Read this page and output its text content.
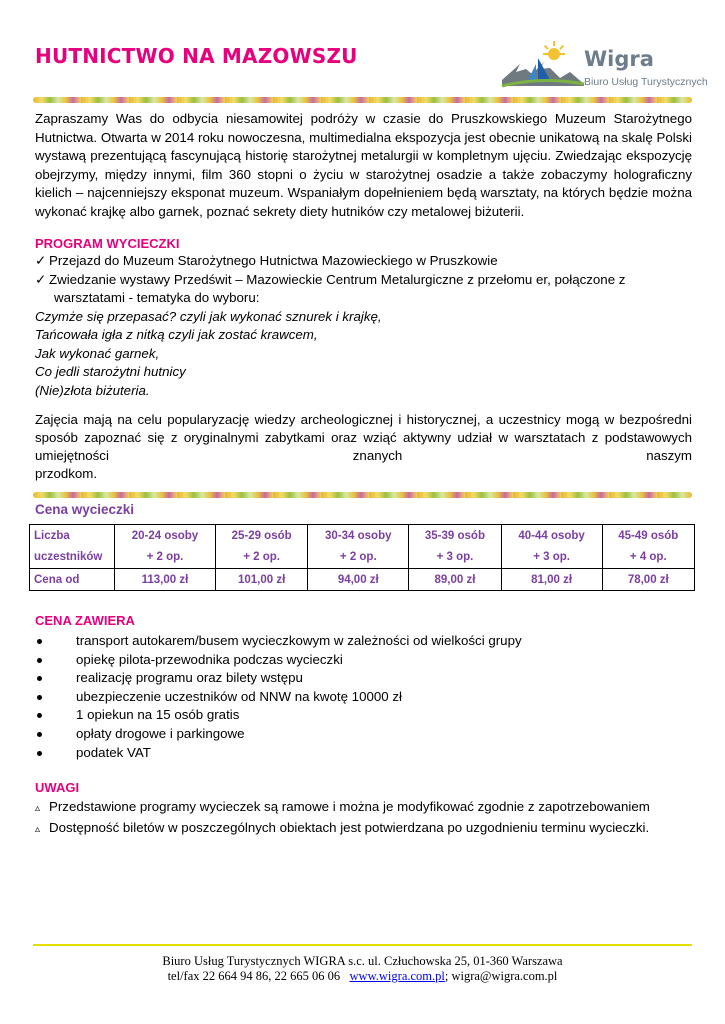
HUTNICTWO NA MAZOWSZU	Wigra
Biuro Usług Turystycznych
Zapraszamy Was do odbycia niesamowitej podróży w czasie do Pruszkowskiego Muzeum Starożytnego Hutnictwa. Otwarta w 2014 roku nowoczesna, multimedialna ekspozycja jest obecnie unikatową na skalę Polski wystawą prezentującą fascynującą historię starożytnej metalurgii w kompletnym ujęciu. Zwiedzając ekspozycję obejrzymy, między innymi, film 360 stopni o życiu w starożytnej osadzie a także zobaczymy holograficzny kielich – najcenniejszy eksponat muzeum. Wspaniałym dopełnieniem będą warsztaty, na których będzie można wykonać krajkę albo garnek, poznać sekrety diety hutników czy metalowej biżuterii.
PROGRAM WYCIECZKI
✓ Przejazd do Muzeum Starożytnego Hutnictwa Mazowieckiego w Pruszkowie
✓ Zwiedzanie wystawy Przedświt – Mazowieckie Centrum Metalurgiczne z przełomu er, połączone z
warsztatami - tematyka do wyboru:
Czymże się przepasać? czyli jak wykonać sznurek i krajkę,
Tańcowała igła z nitką czyli jak zostać krawcem,
Jak wykonać garnek,
Co jedli starożytni hutnicy
(Nie)złota biżuteria.
Zajęcia mają na celu popularyzację wiedzy archeologicznej i historycznej, a uczestnicy mogą w bezpośredni
sposób zapoznać się z oryginalnymi zabytkami oraz wziąć aktywny udział w warsztatach z podstawowych
umiejętności	znanych	naszym
przodkom.
Cena wycieczki
Liczba	20-24 osoby	25-29 osób	30-34 osoby	35-39 osób	40-44 osoby	45-49 osób
uczestników	+ 2 op.	+ 2 op.	+ 2 op.	+ 3 op.	+ 3 op.	+ 4 op.
Cena od	113,00 zł	101,00 zł	94,00 zł	89,00 zł	81,00 zł	78,00 zł
CENA ZAWIERA
transport autokarem/busem wycieczkowym w zależności od wielkości grupy
opiekę pilota-przewodnika podczas wycieczki
realizację programu oraz bilety wstępu
ubezpieczenie uczestników od NNW na kwotę 10000 zł
1 opiekun na 15 osób gratis
opłaty drogowe i parkingowe
podatek VAT
UWAGI
▵ Przedstawione programy wycieczek są ramowe i można je modyfikować zgodnie z zapotrzebowaniem
▵ Dostępność biletów w poszczególnych obiektach jest potwierdzana po uzgodnieniu terminu wycieczki.
Biuro Usług Turystycznych WIGRA s.c. ul. Człuchowska 25, 01-360 Warszawa
tel/fax 22 664 94 86, 22 665 06 06 www.wigra.com.pl; wigra@wigra.com.pl
